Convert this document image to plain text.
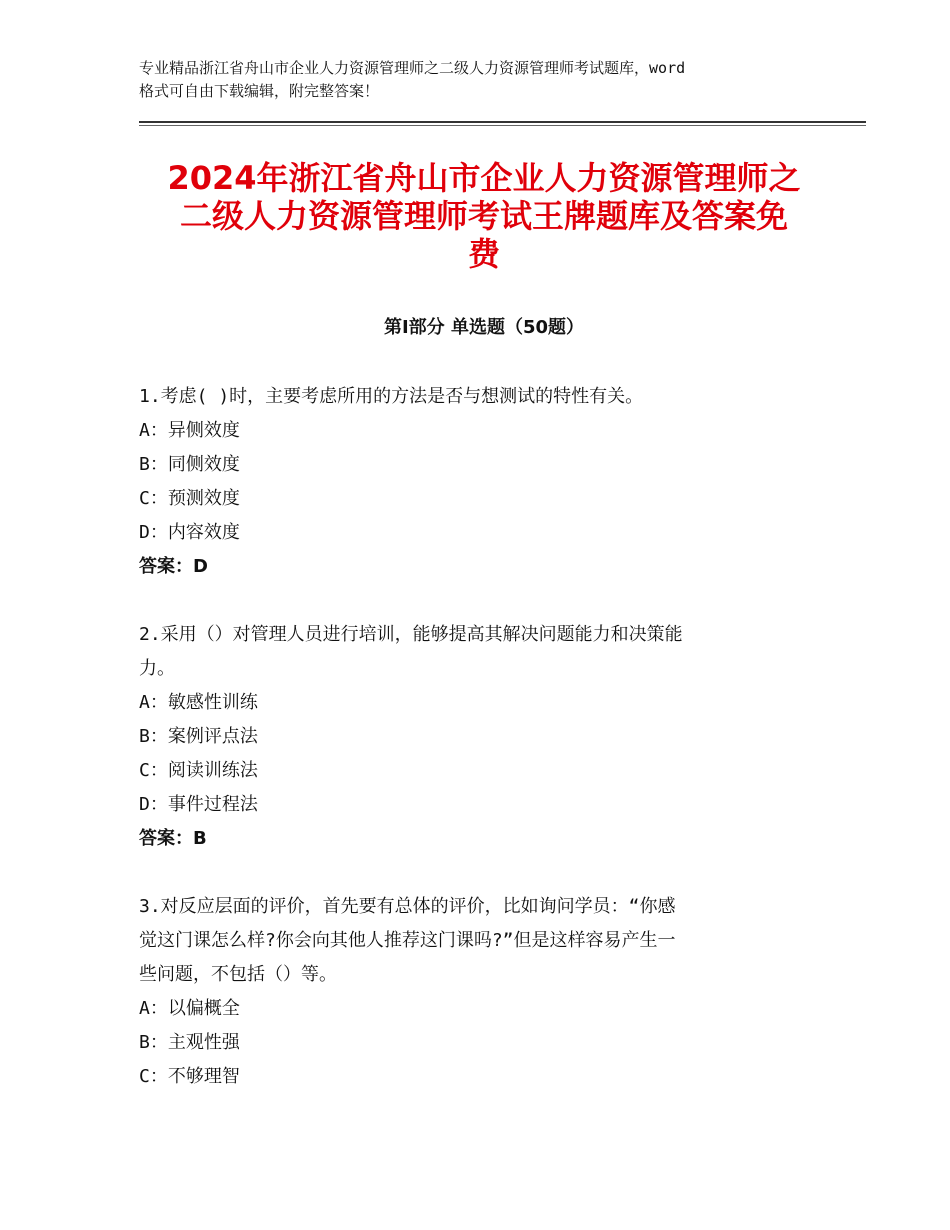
专业精品浙江省舟山市企业人力资源管理师之二级人力资源管理师考试题库，word
格式可自由下载编辑，附完整答案！
2024年浙江省舟山市企业人力资源管理师之
二级人力资源管理师考试王牌题库及答案免
费
第Ⅰ部分 单选题（50题）
1.考虑( )时，主要考虑所用的方法是否与想测试的特性有关。
A：异侧效度
B：同侧效度
C：预测效度
D：内容效度
答案：D
2.采用（）对管理人员进行培训，能够提高其解决问题能力和决策能
力。
A：敏感性训练
B：案例评点法
C：阅读训练法
D：事件过程法
答案：B
3.对反应层面的评价，首先要有总体的评价，比如询问学员：“你感
觉这门课怎么样?你会向其他人推荐这门课吗?”但是这样容易产生一
些问题，不包括（）等。
A：以偏概全
B：主观性强
C：不够理智
